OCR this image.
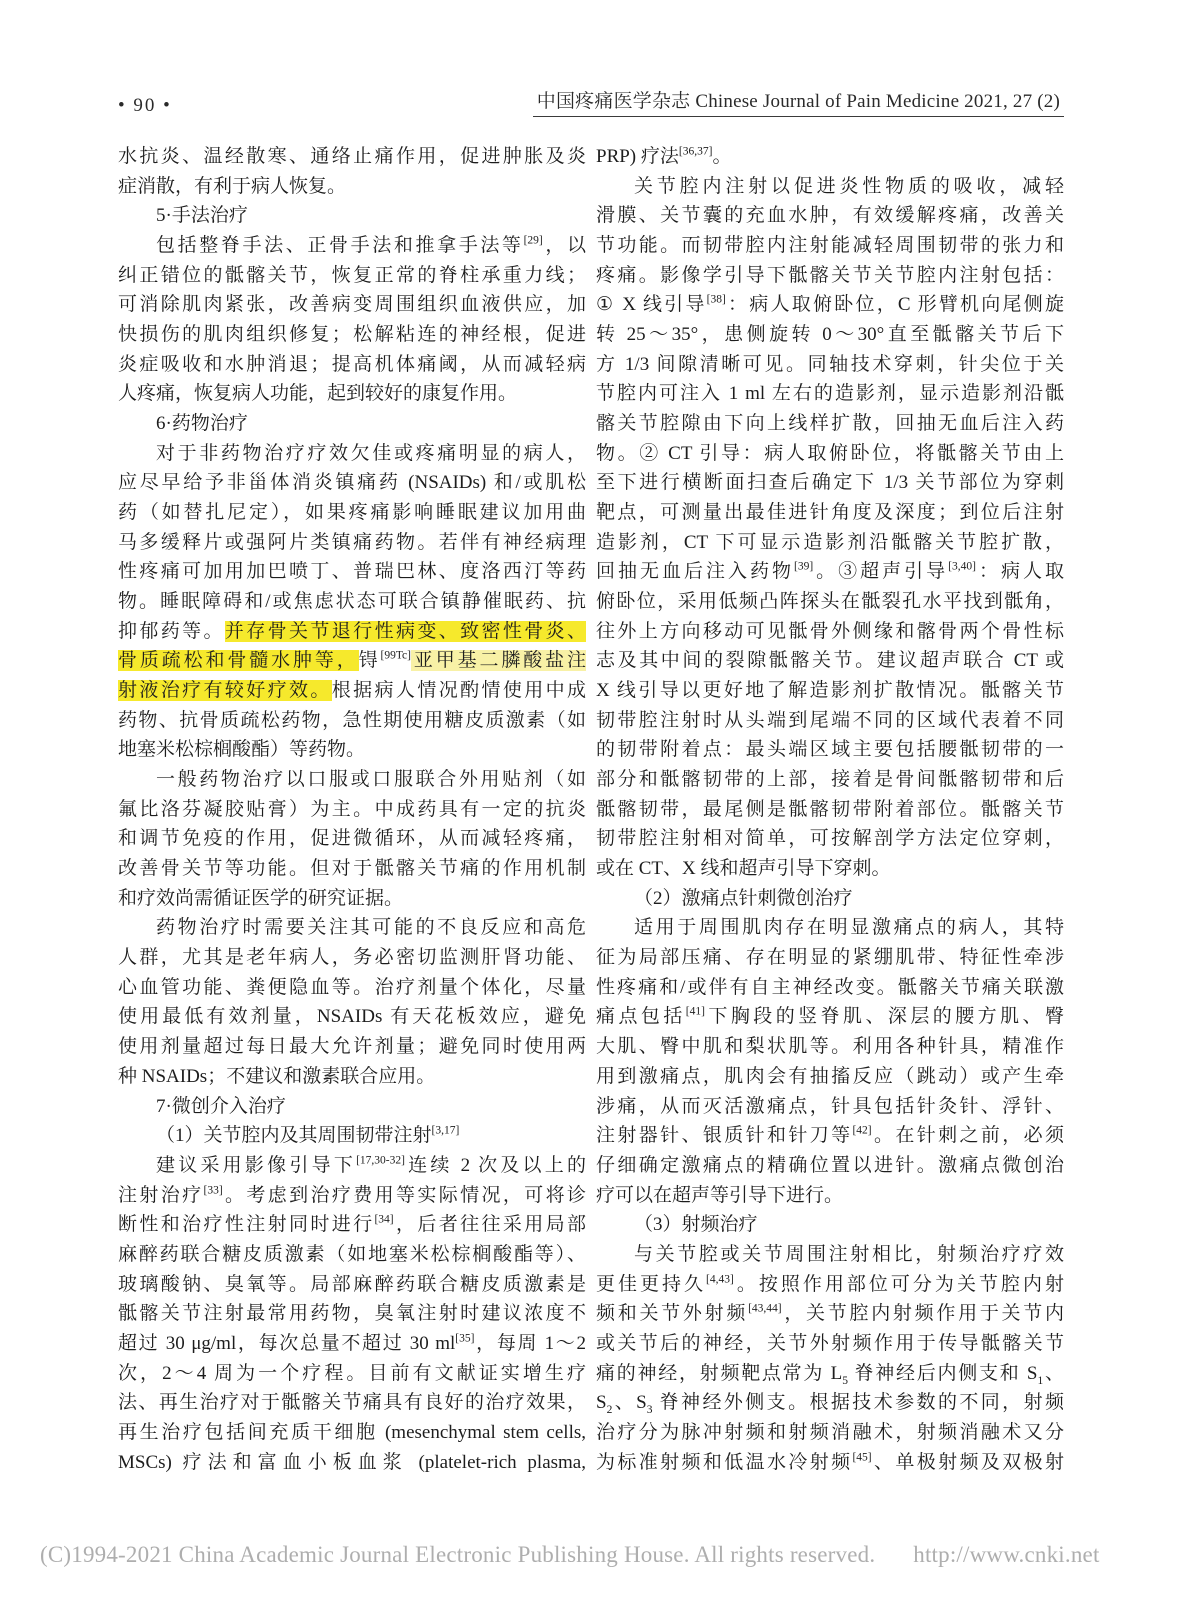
• 90 •	中国疼痛医学杂志 Chinese Journal of Pain Medicine 2021, 27 (2)
水抗炎、温经散寒、通络止痛作用，促进肿胀及炎
症消散，有利于病人恢复。
5·手法治疗
包括整脊手法、正骨手法和推拿手法等[29]，以
纠正错位的骶髂关节，恢复正常的脊柱承重力线；
可消除肌肉紧张，改善病变周围组织血液供应，加
快损伤的肌肉组织修复；松解粘连的神经根，促进
炎症吸收和水肿消退；提高机体痛阈，从而减轻病
人疼痛，恢复病人功能，起到较好的康复作用。
6·药物治疗
对于非药物治疗疗效欠佳或疼痛明显的病人，
应尽早给予非甾体消炎镇痛药 (NSAIDs) 和/或肌松
药（如替扎尼定），如果疼痛影响睡眠建议加用曲
马多缓释片或强阿片类镇痛药物。若伴有神经病理
性疼痛可加用加巴喷丁、普瑞巴林、度洛西汀等药
物。睡眠障碍和/或焦虑状态可联合镇静催眠药、抗
抑郁药等。并存骨关节退行性病变、致密性骨炎、
骨质疏松和骨髓水肿等，锝[99Tc]亚甲基二膦酸盐注
射液治疗有较好疗效。根据病人情况酌情使用中成
药物、抗骨质疏松药物，急性期使用糖皮质激素（如
地塞米松棕榈酸酯）等药物。
一般药物治疗以口服或口服联合外用贴剂（如
氟比洛芬凝胶贴膏）为主。中成药具有一定的抗炎
和调节免疫的作用，促进微循环，从而减轻疼痛，
改善骨关节等功能。但对于骶髂关节痛的作用机制
和疗效尚需循证医学的研究证据。
药物治疗时需要关注其可能的不良反应和高危
人群，尤其是老年病人，务必密切监测肝肾功能、
心血管功能、粪便隐血等。治疗剂量个体化，尽量
使用最低有效剂量，NSAIDs 有天花板效应，避免
使用剂量超过每日最大允许剂量；避免同时使用两
种 NSAIDs；不建议和激素联合应用。
7·微创介入治疗
（1）关节腔内及其周围韧带注射[3,17]
建议采用影像引导下[17,30-32]连续 2 次及以上的
注射治疗[33]。考虑到治疗费用等实际情况，可将诊
断性和治疗性注射同时进行[34]，后者往往采用局部
麻醉药联合糖皮质激素（如地塞米松棕榈酸酯等）、
玻璃酸钠、臭氧等。局部麻醉药联合糖皮质激素是
骶髂关节注射最常用药物，臭氧注射时建议浓度不
超过 30 μg/ml，每次总量不超过 30 ml[35]，每周 1～2
次，2～4 周为一个疗程。目前有文献证实增生疗
法、再生治疗对于骶髂关节痛具有良好的治疗效果，
再生治疗包括间充质干细胞 (mesenchymal stem cells,
MSCs) 疗法和富血小板血浆 (platelet-rich plasma,
PRP) 疗法[36,37]。
关节腔内注射以促进炎性物质的吸收，减轻
滑膜、关节囊的充血水肿，有效缓解疼痛，改善关
节功能。而韧带腔内注射能减轻周围韧带的张力和
疼痛。影像学引导下骶髂关节关节腔内注射包括：
① X 线引导[38]：病人取俯卧位，C 形臂机向尾侧旋
转 25～35°，患侧旋转 0～30°直至骶髂关节后下
方 1/3 间隙清晰可见。同轴技术穿刺，针尖位于关
节腔内可注入 1 ml 左右的造影剂，显示造影剂沿骶
髂关节腔隙由下向上线样扩散，回抽无血后注入药
物。② CT 引导：病人取俯卧位，将骶髂关节由上
至下进行横断面扫查后确定下 1/3 关节部位为穿刺
靶点，可测量出最佳进针角度及深度；到位后注射
造影剂，CT 下可显示造影剂沿骶髂关节腔扩散，
回抽无血后注入药物[39]。③超声引导[3,40]：病人取
俯卧位，采用低频凸阵探头在骶裂孔水平找到骶角，
往外上方向移动可见骶骨外侧缘和髂骨两个骨性标
志及其中间的裂隙骶髂关节。建议超声联合 CT 或
X 线引导以更好地了解造影剂扩散情况。骶髂关节
韧带腔注射时从头端到尾端不同的区域代表着不同
的韧带附着点：最头端区域主要包括腰骶韧带的一
部分和骶髂韧带的上部，接着是骨间骶髂韧带和后
骶髂韧带，最尾侧是骶髂韧带附着部位。骶髂关节
韧带腔注射相对简单，可按解剖学方法定位穿刺，
或在 CT、X 线和超声引导下穿刺。
（2）激痛点针刺微创治疗
适用于周围肌肉存在明显激痛点的病人，其特
征为局部压痛、存在明显的紧绷肌带、特征性牵涉
性疼痛和/或伴有自主神经改变。骶髂关节痛关联激
痛点包括[41]下胸段的竖脊肌、深层的腰方肌、臀
大肌、臀中肌和梨状肌等。利用各种针具，精准作
用到激痛点，肌肉会有抽搐反应（跳动）或产生牵
涉痛，从而灭活激痛点，针具包括针灸针、浮针、
注射器针、银质针和针刀等[42]。在针刺之前，必须
仔细确定激痛点的精确位置以进针。激痛点微创治
疗可以在超声等引导下进行。
（3）射频治疗
与关节腔或关节周围注射相比，射频治疗疗效
更佳更持久[4,43]。按照作用部位可分为关节腔内射
频和关节外射频[43,44]，关节腔内射频作用于关节内
或关节后的神经，关节外射频作用于传导骶髂关节
痛的神经，射频靶点常为 $L_5$ 脊神经后内侧支和 $S_1$、
$S_2$、$S_3$ 脊神经外侧支。根据技术参数的不同，射频
治疗分为脉冲射频和射频消融术，射频消融术又分
为标准射频和低温水冷射频[45]、单极射频及双极射
(C)1994-2021 China Academic Journal Electronic Publishing House. All rights reserved. http://www.cnki.net
